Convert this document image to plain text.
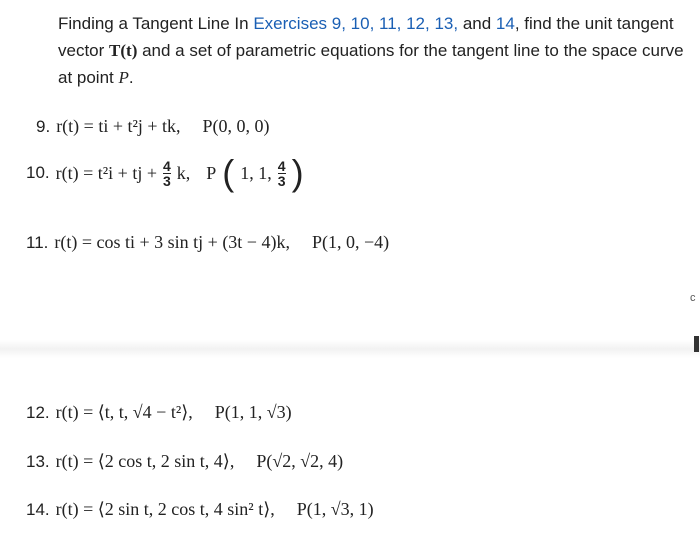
Finding a Tangent Line In Exercises 9, 10, 11, 12, 13, and 14, find the unit tangent vector T(t) and a set of parametric equations for the tangent line to the space curve at point P.
9. r(t) = ti + t²j + tk, P(0, 0, 0)
10. r(t) = t²i + tj + $\frac{4}{3} k$, P ( 1, 1, $\frac{4}{3}$ )
11. r(t) = cos ti + 3 sin tj + (3t − 4)k, P(1, 0, −4)
c
12. r(t) = ⟨t, t, √4 − t²⟩, P(1, 1, √3)
13. r(t) = ⟨2 cos t, 2 sin t, 4⟩, P(√2, √2, 4)
14. r(t) = ⟨2 sin t, 2 cos t, 4 sin² t⟩, P(1, √3, 1)
